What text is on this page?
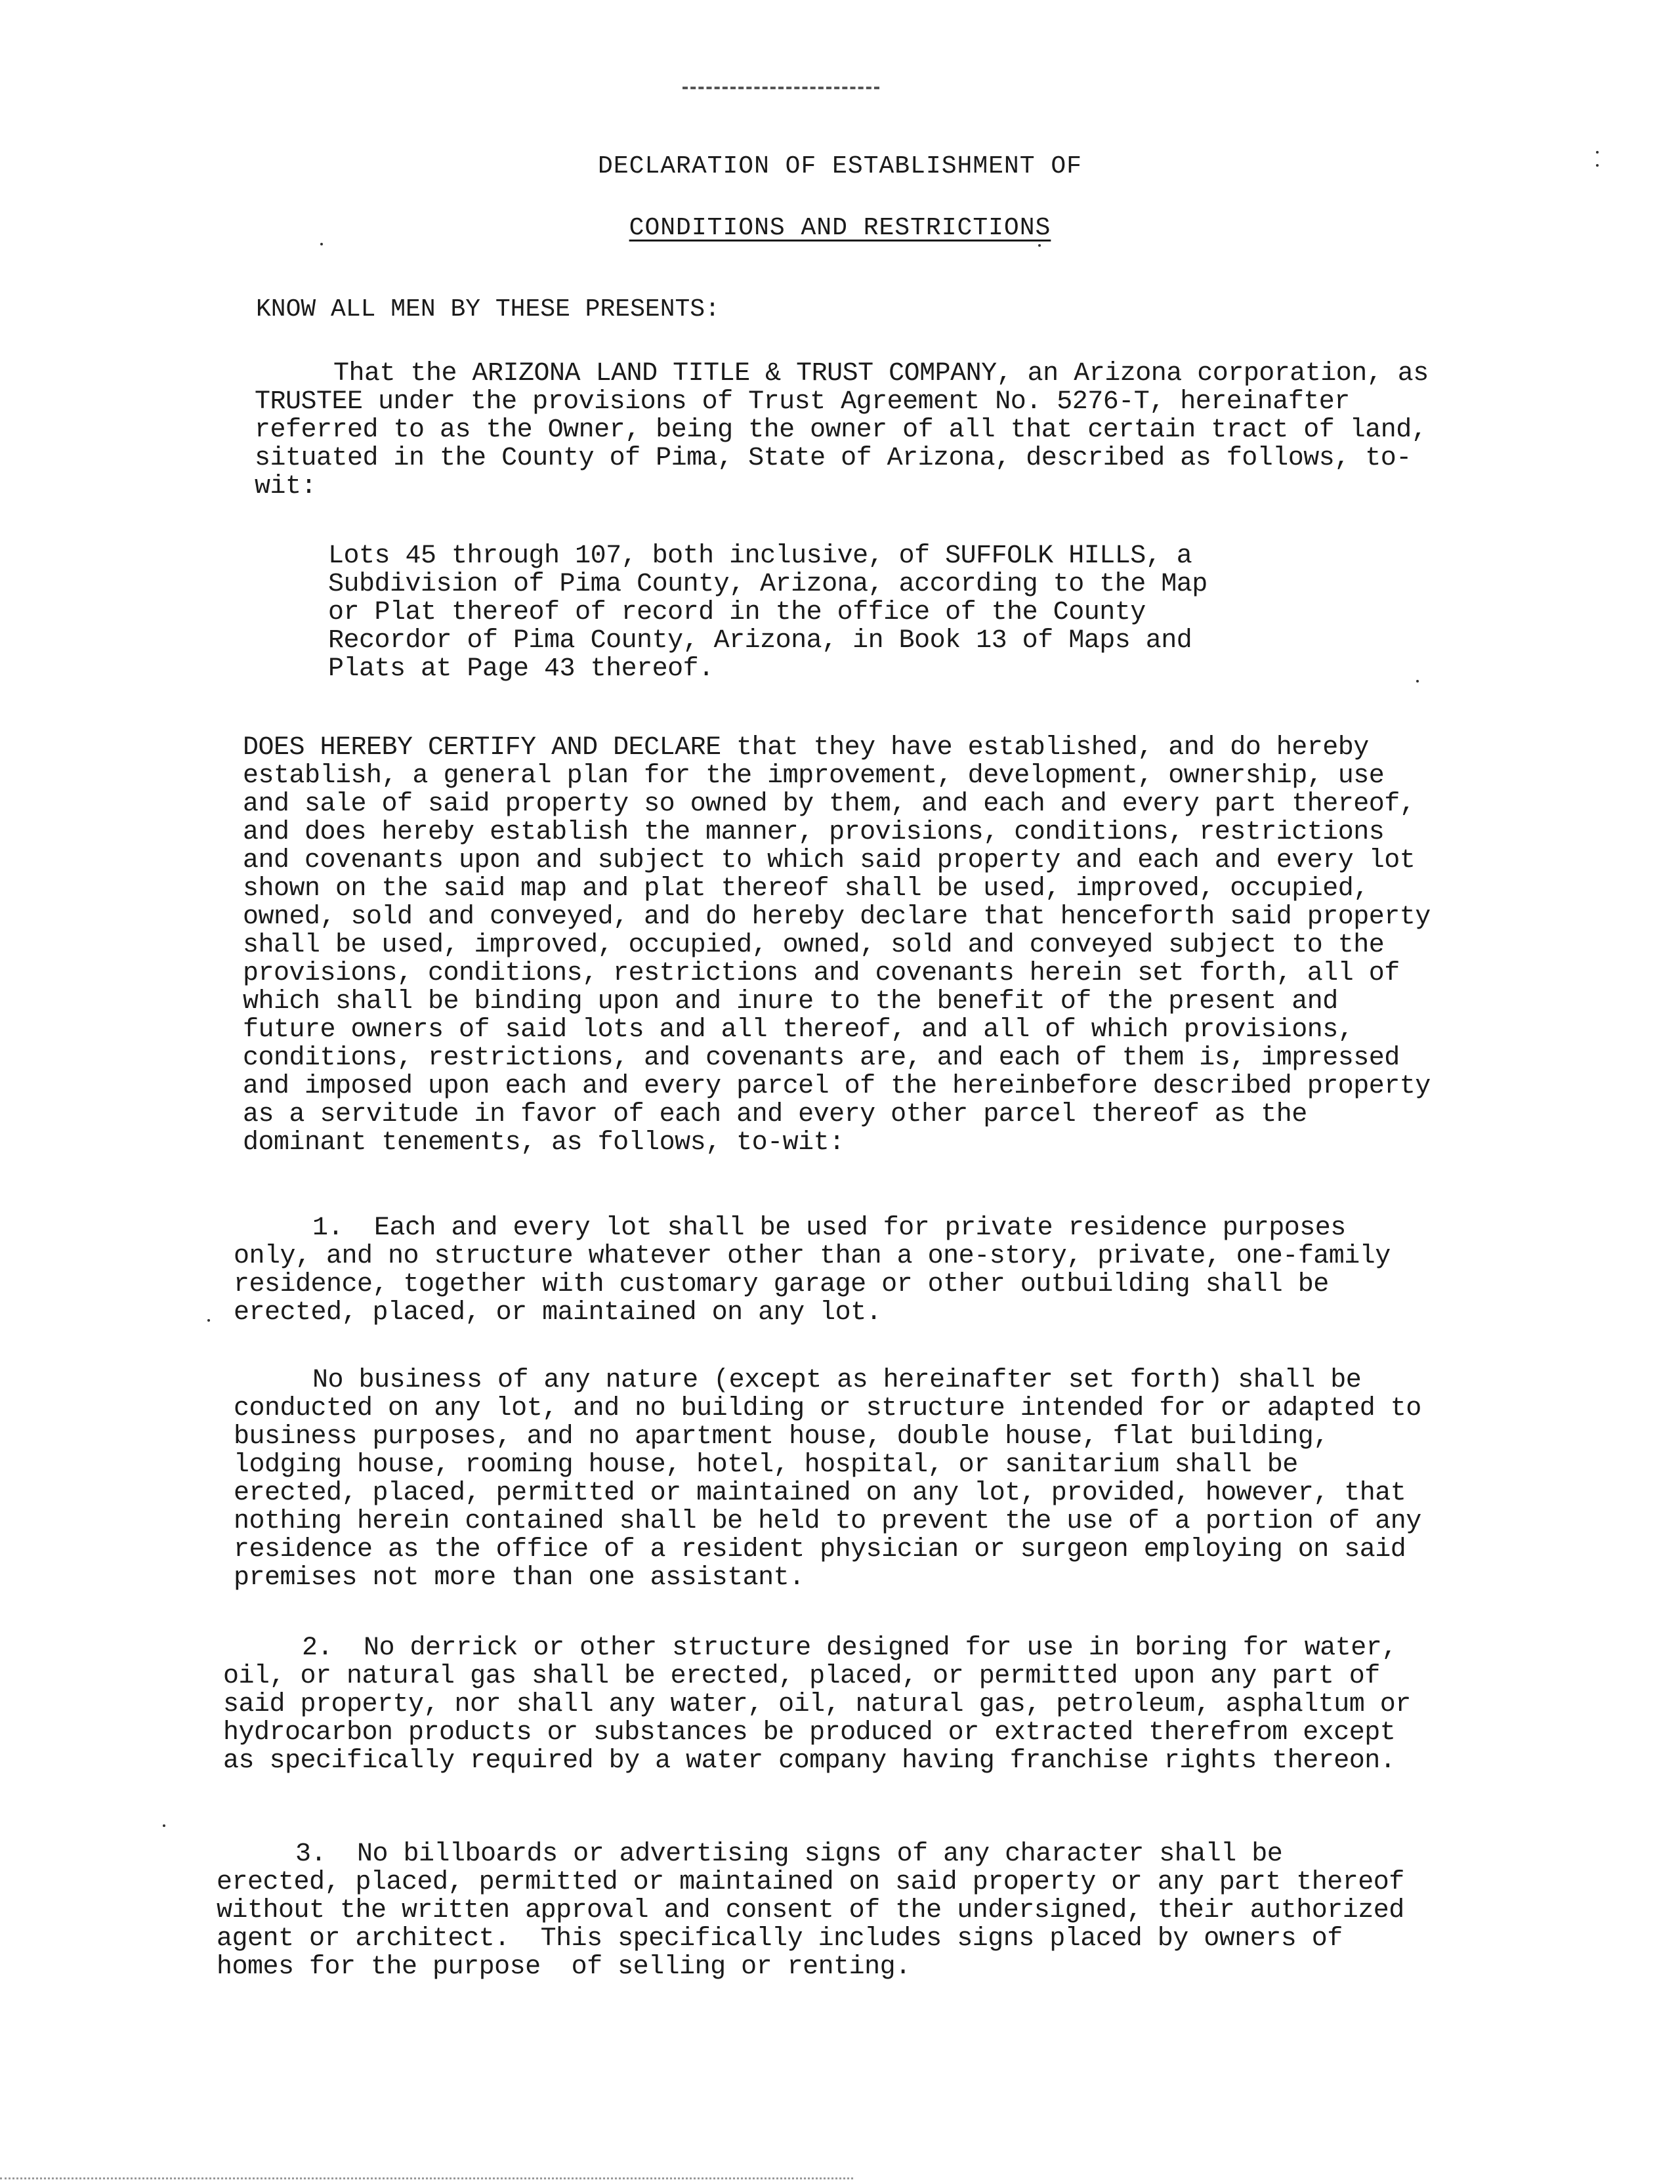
DECLARATION OF ESTABLISHMENT OF
CONDITIONS AND RESTRICTIONS
KNOW ALL MEN BY THESE PRESENTS:
That the ARIZONA LAND TITLE & TRUST COMPANY, an Arizona corporation, as TRUSTEE under the provisions of Trust Agreement No. 5276-T, hereinafter referred to as the Owner, being the owner of all that certain tract of land, situated in the County of Pima, State of Arizona, described as follows, to-wit:
Lots 45 through 107, both inclusive, of SUFFOLK HILLS, a Subdivision of Pima County, Arizona, according to the Map or Plat thereof of record in the office of the County Recordor of Pima County, Arizona, in Book 13 of Maps and Plats at Page 43 thereof.
DOES HEREBY CERTIFY AND DECLARE that they have established, and do hereby establish, a general plan for the improvement, development, ownership, use and sale of said property so owned by them, and each and every part thereof, and does hereby establish the manner, provisions, conditions, restrictions and covenants upon and subject to which said property and each and every lot shown on the said map and plat thereof shall be used, improved, occupied, owned, sold and conveyed, and do hereby declare that henceforth said property shall be used, improved, occupied, owned, sold and conveyed subject to the provisions, conditions, restrictions and covenants herein set forth, all of which shall be binding upon and inure to the benefit of the present and future owners of said lots and all thereof, and all of which provisions, conditions, restrictions, and covenants are, and each of them is, impressed and imposed upon each and every parcel of the hereinbefore described property as a servitude in favor of each and every other parcel thereof as the dominant tenements, as follows, to-wit:
1.  Each and every lot shall be used for private residence purposes only, and no structure whatever other than a one-story, private, one-family residence, together with customary garage or other outbuilding shall be erected, placed, or maintained on any lot.
No business of any nature (except as hereinafter set forth) shall be conducted on any lot, and no building or structure intended for or adapted to business purposes, and no apartment house, double house, flat building, lodging house, rooming house, hotel, hospital, or sanitarium shall be erected, placed, permitted or maintained on any lot, provided, however, that nothing herein contained shall be held to prevent the use of a portion of any residence as the office of a resident physician or surgeon employing on said premises not more than one assistant.
2.  No derrick or other structure designed for use in boring for water, oil, or natural gas shall be erected, placed, or permitted upon any part of said property, nor shall any water, oil, natural gas, petroleum, asphaltum or hydrocarbon products or substances be produced or extracted therefrom except as specifically required by a water company having franchise rights thereon.
3.  No billboards or advertising signs of any character shall be erected, placed, permitted or maintained on said property or any part thereof without the written approval and consent of the undersigned, their authorized agent or architect.  This specifically includes signs placed by owners of homes for the purpose  of selling or renting.
